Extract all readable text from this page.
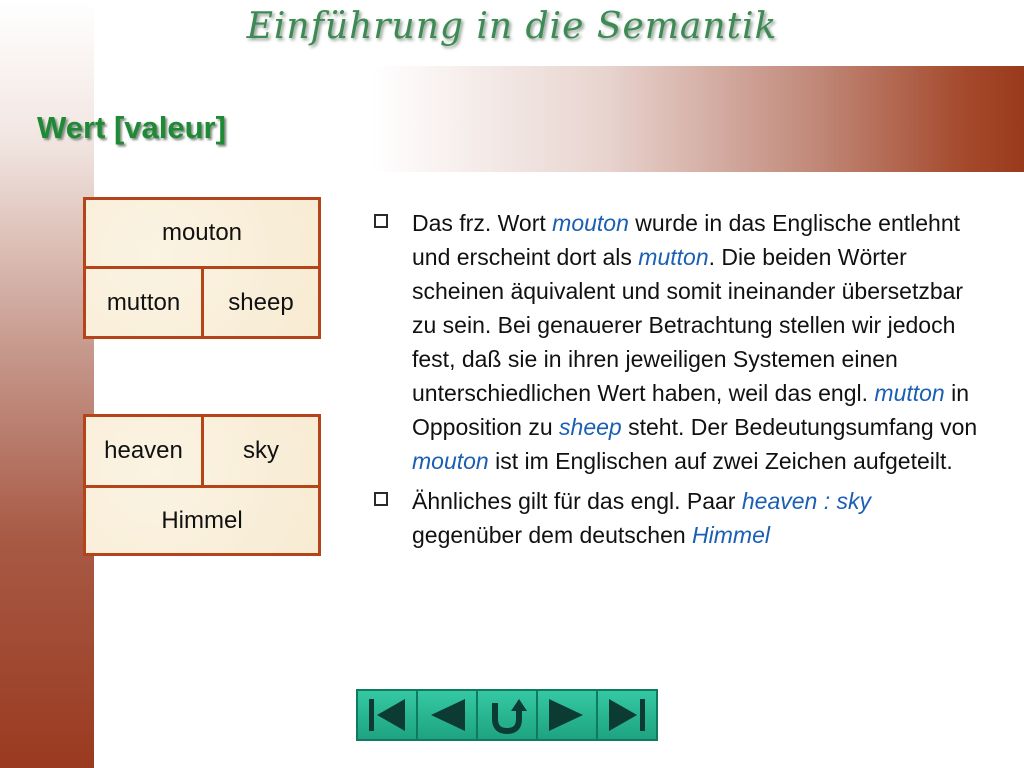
Einführung in die Semantik
Wert [valeur]
mouton
mutton	sheep
heaven	sky
Himmel
Das frz. Wort mouton wurde in das Englische entlehnt und erscheint dort als mutton. Die beiden Wörter scheinen äquivalent und somit ineinander übersetzbar zu sein. Bei genauerer Betrachtung stellen wir jedoch fest, daß sie in ihren jeweiligen Systemen einen unterschiedlichen Wert haben, weil das engl. mutton in Opposition zu sheep steht. Der Bedeutungsumfang von mouton ist im Englischen auf zwei Zeichen aufgeteilt.
Ähnliches gilt für das engl. Paar heaven : sky gegenüber dem deutschen Himmel
